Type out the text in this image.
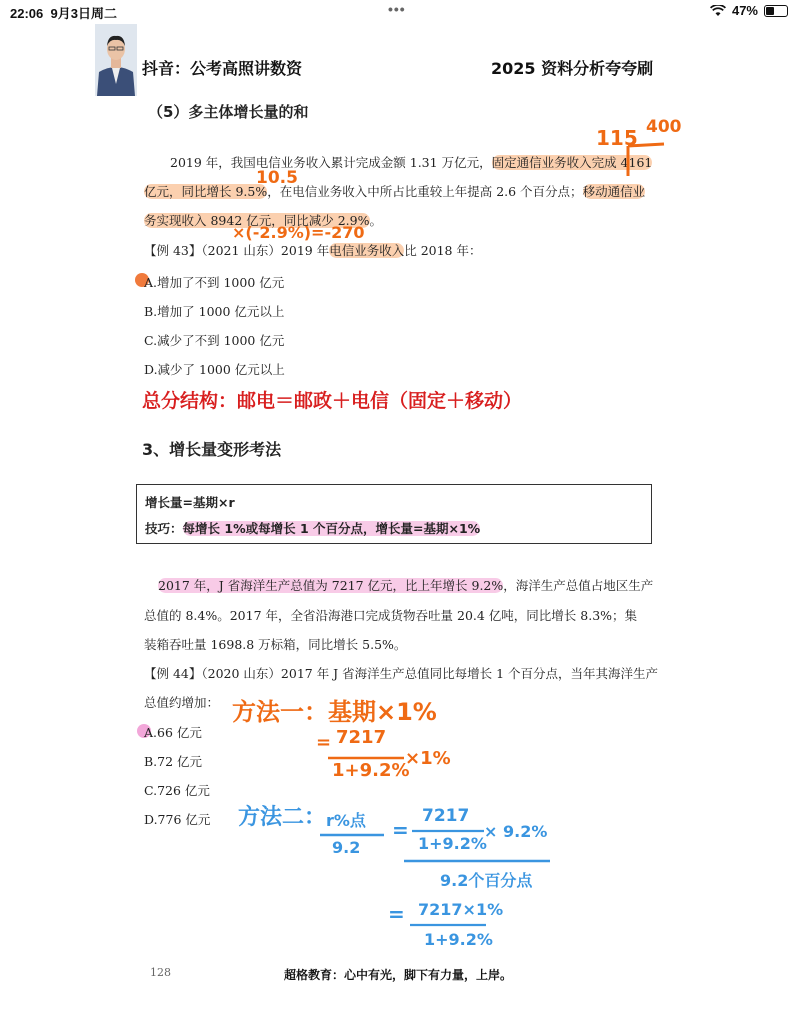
22:06 9月3日周二	•••	47%
抖音：公考高照讲数资	2025 资料分析夸夸刷
（5）多主体增长量的和
2019 年，我国电信业务收入累计完成金额 1.31 万亿元，固定通信业务收入完成 4161
亿元，同比增长 9.5%，在电信业务收入中所占比重较上年提高 2.6 个百分点；移动通信业
务实现收入 8942 亿元，同比减少 2.9%。
【例 43】（2021 山东）2019 年电信业务收入比 2018 年：
A.增加了不到 1000 亿元
B.增加了 1000 亿元以上
C.减少了不到 1000 亿元
D.减少了 1000 亿元以上
115 400
10.5
×(-2.9%)=-270
总分结构：邮电＝邮政＋电信（固定＋移动）
3、增长量变形考法
增长量=基期×r
技巧：每增长 1%或每增长 1 个百分点，增长量=基期×1%
2017 年，J 省海洋生产总值为 7217 亿元，比上年增长 9.2%，海洋生产总值占地区生产
总值的 8.4%。2017 年，全省沿海港口完成货物吞吐量 20.4 亿吨，同比增长 8.3%；集
装箱吞吐量 1698.8 万标箱，同比增长 5.5%。
【例 44】（2020 山东）2017 年 J 省海洋生产总值同比每增长 1 个百分点，当年其海洋生产
总值约增加：
A.66 亿元
B.72 亿元
C.726 亿元
D.776 亿元
方法一：基期×1%
= 7217
1+9.2%
×1%
方法二： r%点
9.2
=
7217
1+9.2%
× 9.2%
9.2个百分点
= 7217×1%
1+9.2%
128	超格教育：心中有光，脚下有力量，上岸。
